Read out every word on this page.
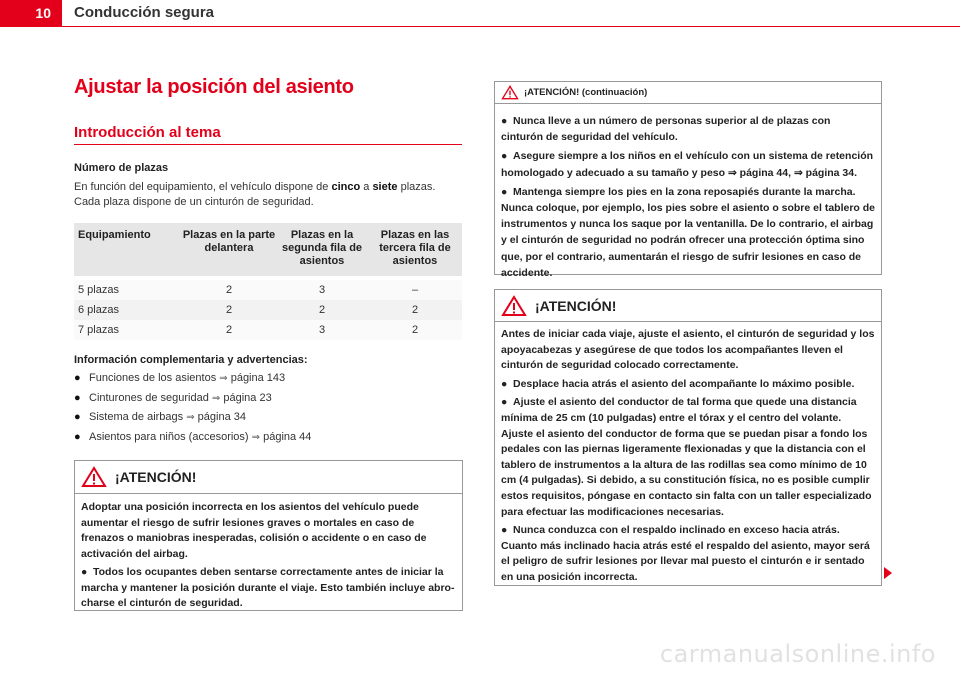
10	Conducción segura
Ajustar la posición del asiento
Introducción al tema
Número de plazas
En función del equipamiento, el vehículo dispone de cinco a siete plazas.
Cada plaza dispone de un cinturón de seguridad.
Equipamiento	Plazas en la parte delantera	Plazas en la segunda fila de asientos	Plazas en las tercera fila de asientos

5 plazas	2	3	–
6 plazas	2	2	2
7 plazas	2	3	2
Información complementaria y advertencias:
● Funciones de los asientos ⇒ página 143
● Cinturones de seguridad ⇒ página 23
● Sistema de airbags ⇒ página 34
● Asientos para niños (accesorios) ⇒ página 44
¡ATENCIÓN!

Adoptar una posición incorrecta en los asientos del vehículo puede aumentar el riesgo de sufrir lesiones graves o mortales en caso de frenazos o maniobras inesperadas, colisión o accidente o en caso de activación del airbag.

● Todos los ocupantes deben sentarse correctamente antes de iniciar la marcha y mantener la posición durante el viaje. Esto también incluye abro-charse el cinturón de seguridad.

¡ATENCIÓN! (continuación)

● Nunca lleve a un número de personas superior al de plazas con cinturón de seguridad del vehículo.

● Asegure siempre a los niños en el vehículo con un sistema de retención homologado y adecuado a su tamaño y peso ⇒ página 44, ⇒ página 34.

● Mantenga siempre los pies en la zona reposapiés durante la marcha. Nunca coloque, por ejemplo, los pies sobre el asiento o sobre el tablero de instrumentos y nunca los saque por la ventanilla. De lo contrario, el airbag y el cinturón de seguridad no podrán ofrecer una protección óptima sino que, por el contrario, aumentarán el riesgo de sufrir lesiones en caso de accidente.

¡ATENCIÓN!

Antes de iniciar cada viaje, ajuste el asiento, el cinturón de seguridad y los apoyacabezas y asegúrese de que todos los acompañantes lleven el cinturón de seguridad colocado correctamente.

● Desplace hacia atrás el asiento del acompañante lo máximo posible.

● Ajuste el asiento del conductor de tal forma que quede una distancia mínima de 25 cm (10 pulgadas) entre el tórax y el centro del volante. Ajuste el asiento del conductor de forma que se puedan pisar a fondo los pedales con las piernas ligeramente flexionadas y que la distancia con el tablero de instrumentos a la altura de las rodillas sea como mínimo de 10 cm (4 pulgadas). Si debido, a su constitución física, no es posible cumplir estos requisitos, póngase en contacto sin falta con un taller especializado para efectuar las modificaciones necesarias.

● Nunca conduzca con el respaldo inclinado en exceso hacia atrás. Cuanto más inclinado hacia atrás esté el respaldo del asiento, mayor será el peligro de sufrir lesiones por llevar mal puesto el cinturón e ir sentado en una posición incorrecta.

carmanualsonline.info
